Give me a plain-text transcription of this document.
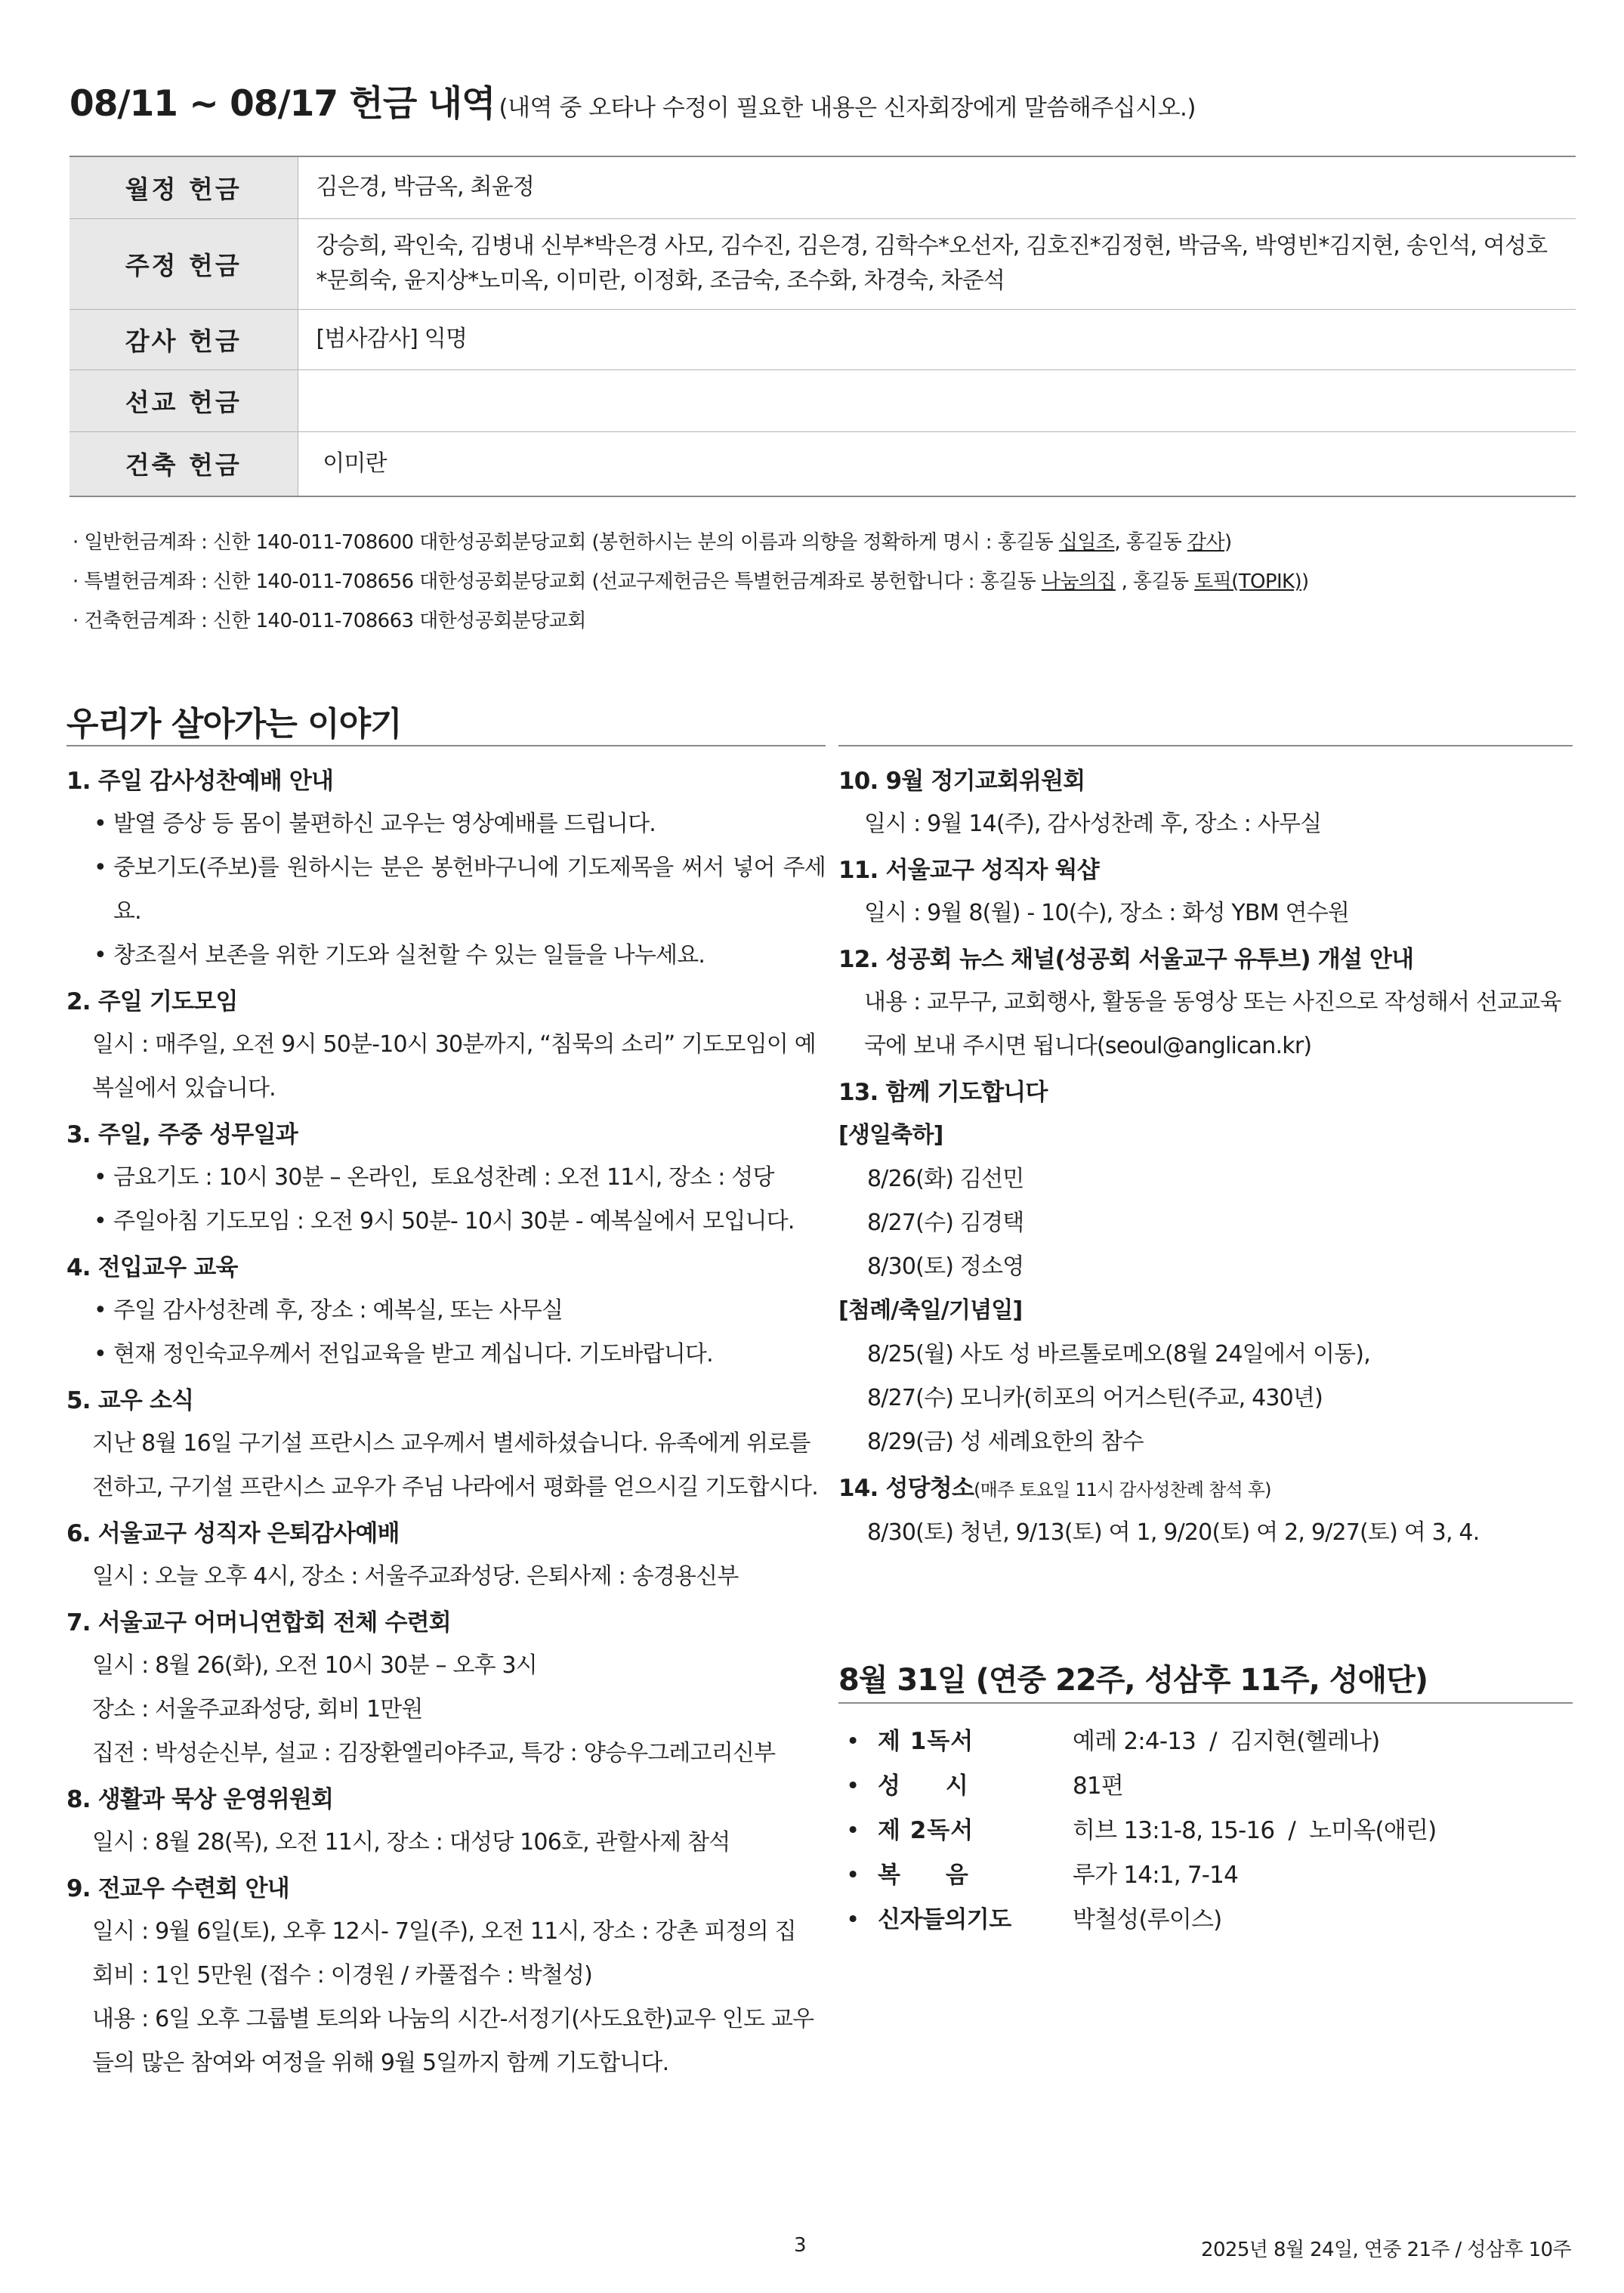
08/11 ~ 08/17 헌금 내역 (내역 중 오타나 수정이 필요한 내용은 신자회장에게 말씀해주십시오.)
월정 헌금	김은경, 박금옥, 최윤정
주정 헌금	강승희, 곽인숙, 김병내 신부*박은경 사모, 김수진, 김은경, 김학수*오선자, 김호진*김정현, 박금옥, 박영빈*김지현, 송인석, 여성호*문희숙, 윤지상*노미옥, 이미란, 이정화, 조금숙, 조수화, 차경숙, 차준석
감사 헌금	[범사감사] 익명
선교 헌금	
건축 헌금	이미란
· 일반헌금계좌 : 신한 140-011-708600 대한성공회분당교회 (봉헌하시는 분의 이름과 의향을 정확하게 명시 : 홍길동 십일조, 홍길동 감사)
· 특별헌금계좌 : 신한 140-011-708656 대한성공회분당교회 (선교구제헌금은 특별헌금계좌로 봉헌합니다 : 홍길동 나눔의집 , 홍길동 토픽(TOPIK))
· 건축헌금계좌 : 신한 140-011-708663 대한성공회분당교회
우리가 살아가는 이야기
1. 주일 감사성찬예배 안내
• 발열 증상 등 몸이 불편하신 교우는 영상예배를 드립니다.
• 중보기도(주보)를 원하시는 분은 봉헌바구니에 기도제목을 써서 넣어 주세요.
• 창조질서 보존을 위한 기도와 실천할 수 있는 일들을 나누세요.
2. 주일 기도모임

일시 : 매주일, 오전 9시 50분-10시 30분까지, “침묵의 소리” 기도모임이 예복실에서 있습니다.

3. 주일, 주중 성무일과
• 금요기도 : 10시 30분 – 온라인,  토요성찬례 : 오전 11시, 장소 : 성당
• 주일아침 기도모임 : 오전 9시 50분- 10시 30분 - 예복실에서 모입니다.
4. 전입교우 교육
• 주일 감사성찬례 후, 장소 : 예복실, 또는 사무실
• 현재 정인숙교우께서 전입교육을 받고 계십니다. 기도바랍니다.
5. 교우 소식

지난 8월 16일 구기설 프란시스 교우께서 별세하셨습니다. 유족에게 위로를 전하고, 구기설 프란시스 교우가 주님 나라에서 평화를 얻으시길 기도합시다.

6. 서울교구 성직자 은퇴감사예배

일시 : 오늘 오후 4시, 장소 : 서울주교좌성당. 은퇴사제 : 송경용신부

7. 서울교구 어머니연합회 전체 수련회

일시 : 8월 26(화), 오전 10시 30분 – 오후 3시

장소 : 서울주교좌성당, 회비 1만원

집전 : 박성순신부, 설교 : 김장환엘리야주교, 특강 : 양승우그레고리신부

8. 생활과 묵상 운영위원회

일시 : 8월 28(목), 오전 11시, 장소 : 대성당 106호, 관할사제 참석

9. 전교우 수련회 안내

일시 : 9월 6일(토), 오후 12시- 7일(주), 오전 11시, 장소 : 강촌 피정의 집

회비 : 1인 5만원 (접수 : 이경원 / 카풀접수 : 박철성)

내용 : 6일 오후 그룹별 토의와 나눔의 시간-서정기(사도요한)교우 인도 교우들의 많은 참여와 여정을 위해 9월 5일까지 함께 기도합니다.

10. 9월 정기교회위원회

일시 : 9월 14(주), 감사성찬례 후, 장소 : 사무실

11. 서울교구 성직자 웍샵

일시 : 9월 8(월) - 10(수), 장소 : 화성 YBM 연수원

12. 성공회 뉴스 채널(성공회 서울교구 유투브) 개설 안내

내용 : 교무구, 교회행사, 활동을 동영상 또는 사진으로 작성해서 선교교육국에 보내 주시면 됩니다(seoul@anglican.kr)

13. 함께 기도합니다
[생일축하]

8/26(화) 김선민

8/27(수) 김경택

8/30(토) 정소영

[첨례/축일/기념일]

8/25(월) 사도 성 바르톨로메오(8월 24일에서 이동),

8/27(수) 모니카(히포의 어거스틴(주교, 430년)

8/29(금) 성 세례요한의 참수

14. 성당청소(매주 토요일 11시 감사성찬례 참석 후)

8/30(토) 청년, 9/13(토) 여 1, 9/20(토) 여 2, 9/27(토) 여 3, 4.

8월 31일 (연중 22주, 성삼후 11주, 성애단)
• 제 1독서	예레 2:4-13  /  김지현(헬레나)
• 성     시	81편
• 제 2독서	히브 13:1-8, 15-16  /  노미옥(애린)
• 복     음	루가 14:1, 7-14
• 신자들의기도	박철성(루이스)
3	2025년 8월 24일, 연중 21주 / 성삼후 10주
